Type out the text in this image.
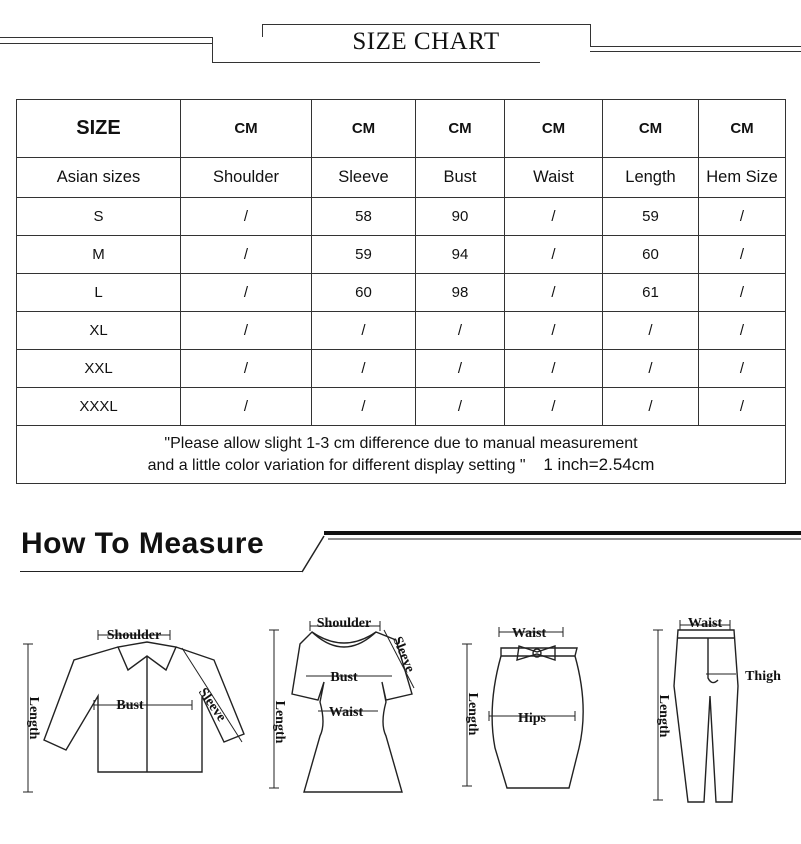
SIZE CHART
SIZE	CM	CM	CM	CM	CM	CM
Asian sizes	Shoulder	Sleeve	Bust	Waist	Length	Hem Size
S	/	58	90	/	59	/
M	/	59	94	/	60	/
L	/	60	98	/	61	/
XL	/	/	/	/	/	/
XXL	/	/	/	/	/	/
XXXL	/	/	/	/	/	/

"Please allow slight 1-3 cm difference due to manual measurement
and a little color variation for different display setting " 1 inch=2.54cm						
How To Measure
Shoulder
Bust	Sleeve
Length
Shoulder
Bust
Waist
Sleeve
Length
Waist
Hips
Length
Waist
Thigh
Length
